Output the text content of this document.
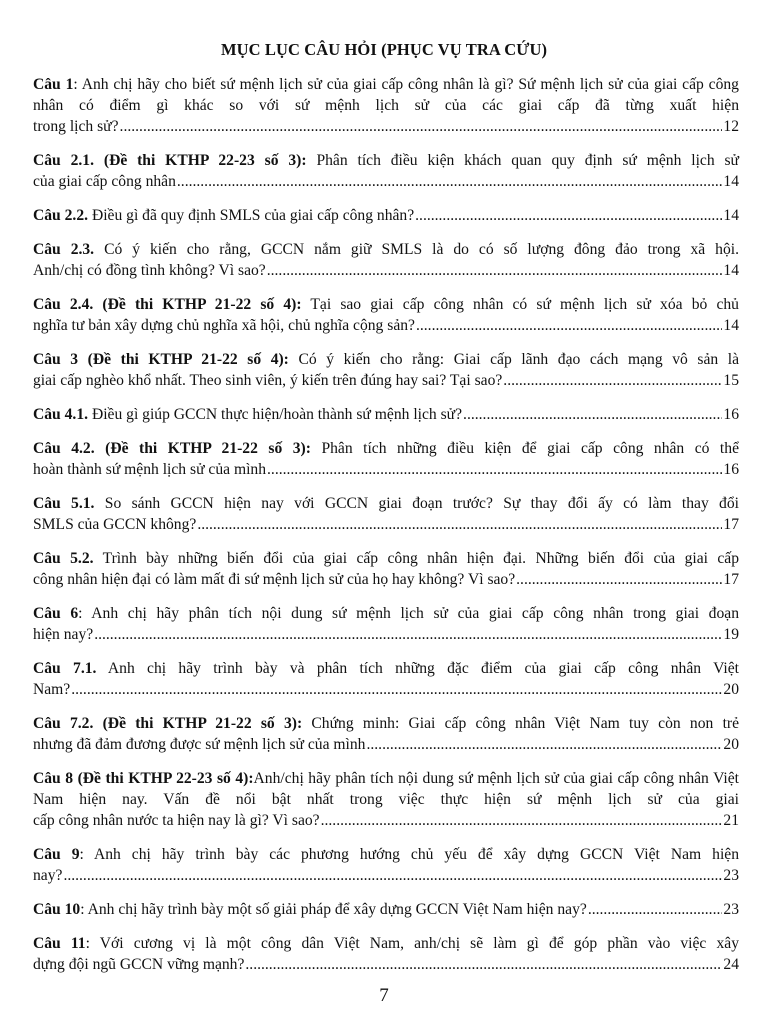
MỤC LỤC CÂU HỎI (PHỤC VỤ TRA CỨU)
Câu 1: Anh chị hãy cho biết sứ mệnh lịch sử của giai cấp công nhân là gì? Sứ mệnh lịch sử của giai cấp công nhân có điểm gì khác so với sứ mệnh lịch sử của các giai cấp đã từng xuất hiện
trong lịch sử? .....	12
Câu 2.1. (Đề thi KTHP 22-23 số 3): Phân tích điều kiện khách quan quy định sứ mệnh lịch sử
của giai cấp công nhân .....	14
Câu 2.2. Điều gì đã quy định SMLS của giai cấp công nhân? .....	14
Câu 2.3. Có ý kiến cho rằng, GCCN nắm giữ SMLS là do có số lượng đông đảo trong xã hội.
Anh/chị có đồng tình không? Vì sao? .....	14
Câu 2.4. (Đề thi KTHP 21-22 số 4): Tại sao giai cấp công nhân có sứ mệnh lịch sử xóa bỏ chủ
nghĩa tư bản xây dựng chủ nghĩa xã hội, chủ nghĩa cộng sản? .....	14
Câu 3 (Đề thi KTHP 21-22 số 4): Có ý kiến cho rằng: Giai cấp lãnh đạo cách mạng vô sản là
giai cấp nghèo khổ nhất. Theo sinh viên, ý kiến trên đúng hay sai? Tại sao? .....	15
Câu 4.1. Điều gì giúp GCCN thực hiện/hoàn thành sứ mệnh lịch sử? .....	16
Câu 4.2. (Đề thi KTHP 21-22 số 3): Phân tích những điều kiện để giai cấp công nhân có thể
hoàn thành sứ mệnh lịch sử của mình .....	16
Câu 5.1. So sánh GCCN hiện nay với GCCN giai đoạn trước? Sự thay đổi ấy có làm thay đổi
SMLS của GCCN không? .....	17
Câu 5.2. Trình bày những biến đổi của giai cấp công nhân hiện đại. Những biến đổi của giai cấp
công nhân hiện đại có làm mất đi sứ mệnh lịch sử của họ hay không? Vì sao? .....	17
Câu 6: Anh chị hãy phân tích nội dung sứ mệnh lịch sử của giai cấp công nhân trong giai đoạn
hiện nay? .....	19
Câu 7.1. Anh chị hãy trình bày và phân tích những đặc điểm của giai cấp công nhân Việt
Nam? .....	20
Câu 7.2. (Đề thi KTHP 21-22 số 3): Chứng minh: Giai cấp công nhân Việt Nam tuy còn non trẻ
nhưng đã đảm đương được sứ mệnh lịch sử của mình .....	20
Câu 8 (Đề thi KTHP 22-23 số 4):Anh/chị hãy phân tích nội dung sứ mệnh lịch sử của giai cấp công nhân Việt Nam hiện nay. Vấn đề nổi bật nhất trong việc thực hiện sứ mệnh lịch sử của giai
cấp công nhân nước ta hiện nay là gì? Vì sao? .....	21
Câu 9: Anh chị hãy trình bày các phương hướng chủ yếu để xây dựng GCCN Việt Nam hiện
nay? .....	23
Câu 10: Anh chị hãy trình bày một số giải pháp để xây dựng GCCN Việt Nam hiện nay? .....	23
Câu 11: Với cương vị là một công dân Việt Nam, anh/chị sẽ làm gì để góp phần vào việc xây
dựng đội ngũ GCCN vững mạnh? .....	24
7
